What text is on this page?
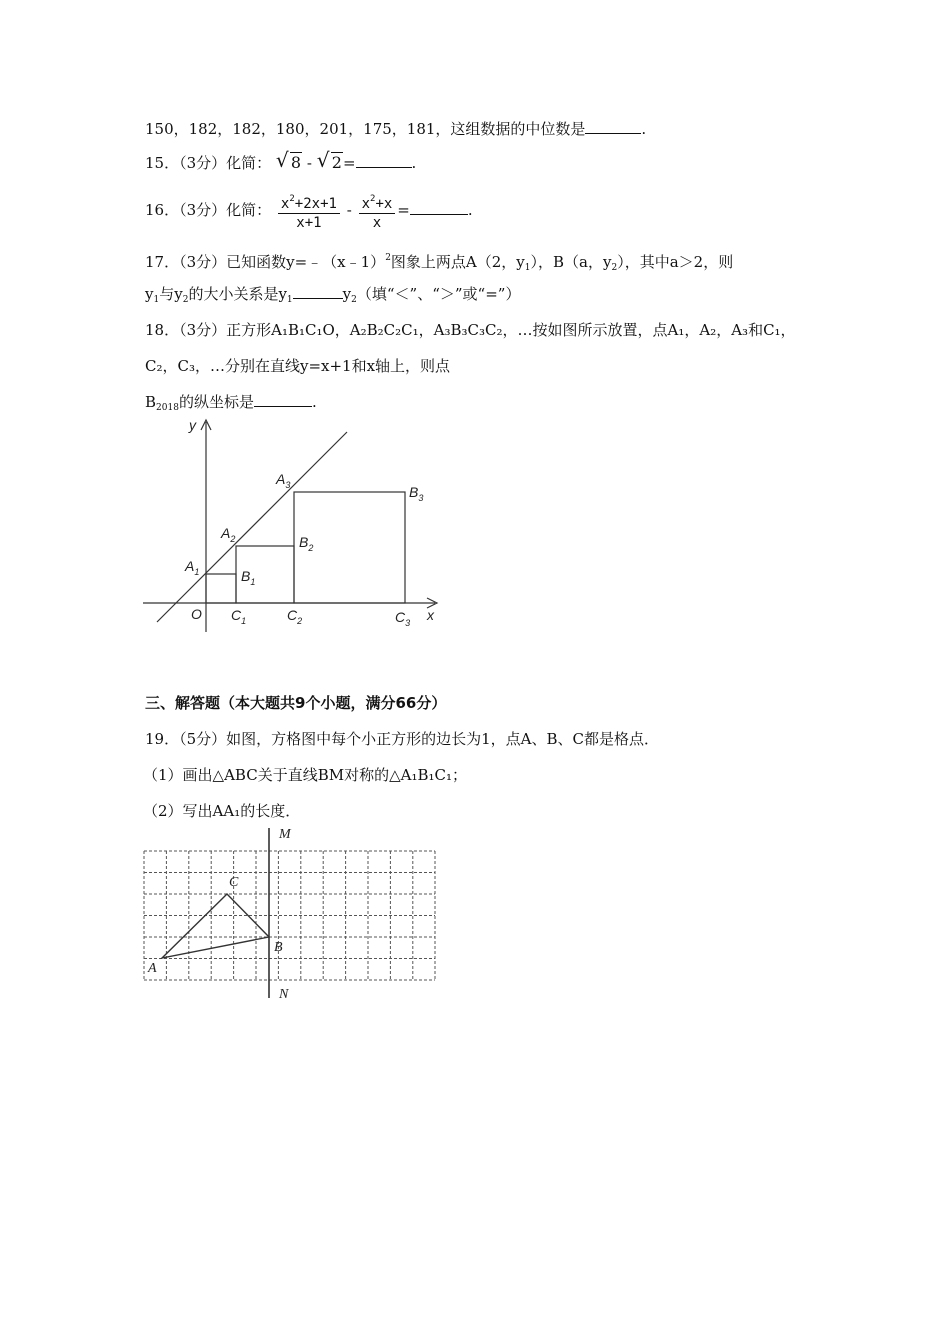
150，182，182，180，201，175，181，这组数据的中位数是	.
15．（3分）化简： √ 8 - √ 2=	.
16．（3分）化简： $\frac{x^2+2x+1}{x+1} - \frac{x^2+x}{x}$ =	.
17．（3分）已知函数y=﹣（x﹣1）$^2$图象上两点A（2，$y_1$），B（a，$y_2$），其中a＞2，则
$y_1$与$y_2$的大小关系是$y_1$	$y_2$（填“＜”、“＞”或“=”）
18．（3分）正方形A₁B₁C₁O，A₂B₂C₂C₁，A₃B₃C₃C₂，…按如图所示放置，点A₁，A₂，A₃和C₁，
C₂，C₃，…分别在直线y=x+1和x轴上，则点
$B_{2018}$的纵坐标是	.
y
x
O
$A_1$
$A_2$
$A_3$
$B_1$
$B_2$
$B_3$
$C_1$	$C_2$	$C_3$
三、解答题（本大题共9个小题，满分66分）
19．（5分）如图，方格图中每个小正方形的边长为1，点A、B、C都是格点．
（1）画出△ABC关于直线BM对称的△A₁B₁C₁；
（2）写出AA₁的长度．
M
N
A
B
C
